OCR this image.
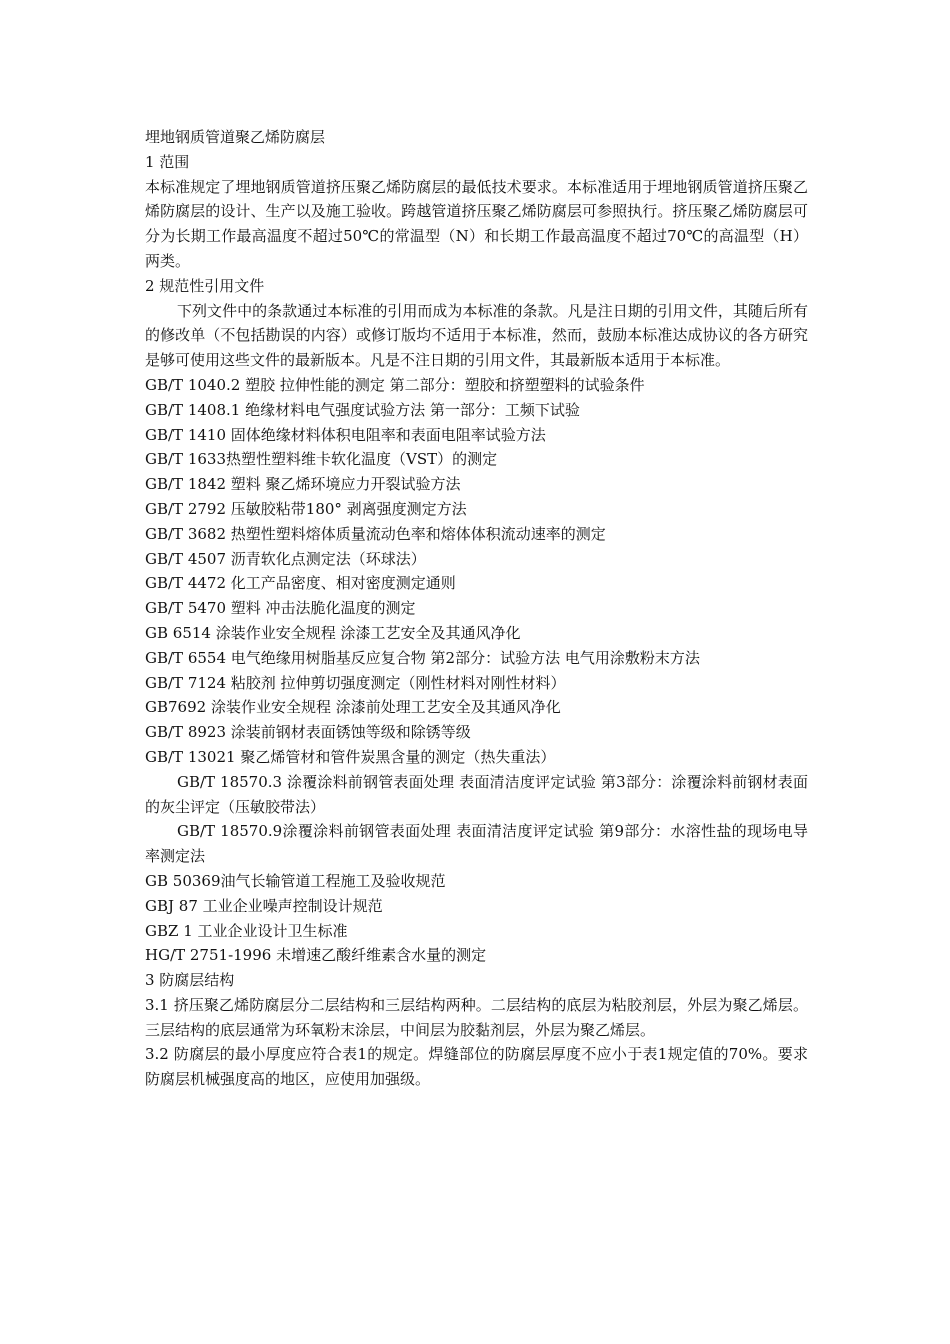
埋地钢质管道聚乙烯防腐层

1 范围

本标准规定了埋地钢质管道挤压聚乙烯防腐层的最低技术要求。本标准适用于埋地钢质管道挤压聚乙烯防腐层的设计、生产以及施工验收。跨越管道挤压聚乙烯防腐层可参照执行。挤压聚乙烯防腐层可分为长期工作最高温度不超过50℃的常温型（N）和长期工作最高温度不超过70℃的高温型（H）两类。

2 规范性引用文件

下列文件中的条款通过本标准的引用而成为本标准的条款。凡是注日期的引用文件，其随后所有的修改单（不包括勘误的内容）或修订版均不适用于本标准，然而，鼓励本标准达成协议的各方研究是够可使用这些文件的最新版本。凡是不注日期的引用文件，其最新版本适用于本标准。

GB/T 1040.2 塑胶 拉伸性能的测定 第二部分：塑胶和挤塑塑料的试验条件

GB/T 1408.1 绝缘材料电气强度试验方法 第一部分：工频下试验

GB/T 1410 固体绝缘材料体积电阻率和表面电阻率试验方法

GB/T 1633热塑性塑料维卡软化温度（VST）的测定

GB/T 1842 塑料 聚乙烯环境应力开裂试验方法

GB/T 2792 压敏胶粘带180° 剥离强度测定方法

GB/T 3682 热塑性塑料熔体质量流动色率和熔体体积流动速率的测定

GB/T 4507 沥青软化点测定法（环球法）

GB/T 4472 化工产品密度、相对密度测定通则

GB/T 5470 塑料 冲击法脆化温度的测定

GB 6514 涂装作业安全规程 涂漆工艺安全及其通风净化

GB/T 6554 电气绝缘用树脂基反应复合物 第2部分：试验方法 电气用涂敷粉末方法

GB/T 7124 粘胶剂 拉伸剪切强度测定（刚性材料对刚性材料）

GB7692 涂装作业安全规程 涂漆前处理工艺安全及其通风净化

GB/T 8923 涂装前钢材表面锈蚀等级和除锈等级

GB/T 13021 聚乙烯管材和管件炭黑含量的测定（热失重法）

GB/T 18570.3 涂覆涂料前钢管表面处理 表面清洁度评定试验 第3部分：涂覆涂料前钢材表面的灰尘评定（压敏胶带法）

GB/T 18570.9涂覆涂料前钢管表面处理 表面清洁度评定试验 第9部分：水溶性盐的现场电导率测定法

GB 50369油气长输管道工程施工及验收规范

GBJ 87 工业企业噪声控制设计规范

GBZ 1 工业企业设计卫生标准

HG/T 2751-1996 未增速乙酸纤维素含水量的测定

3 防腐层结构

3.1 挤压聚乙烯防腐层分二层结构和三层结构两种。二层结构的底层为粘胶剂层，外层为聚乙烯层。三层结构的底层通常为环氧粉末涂层，中间层为胶黏剂层，外层为聚乙烯层。

3.2 防腐层的最小厚度应符合表1的规定。焊缝部位的防腐层厚度不应小于表1规定值的70%。要求防腐层机械强度高的地区，应使用加强级。
